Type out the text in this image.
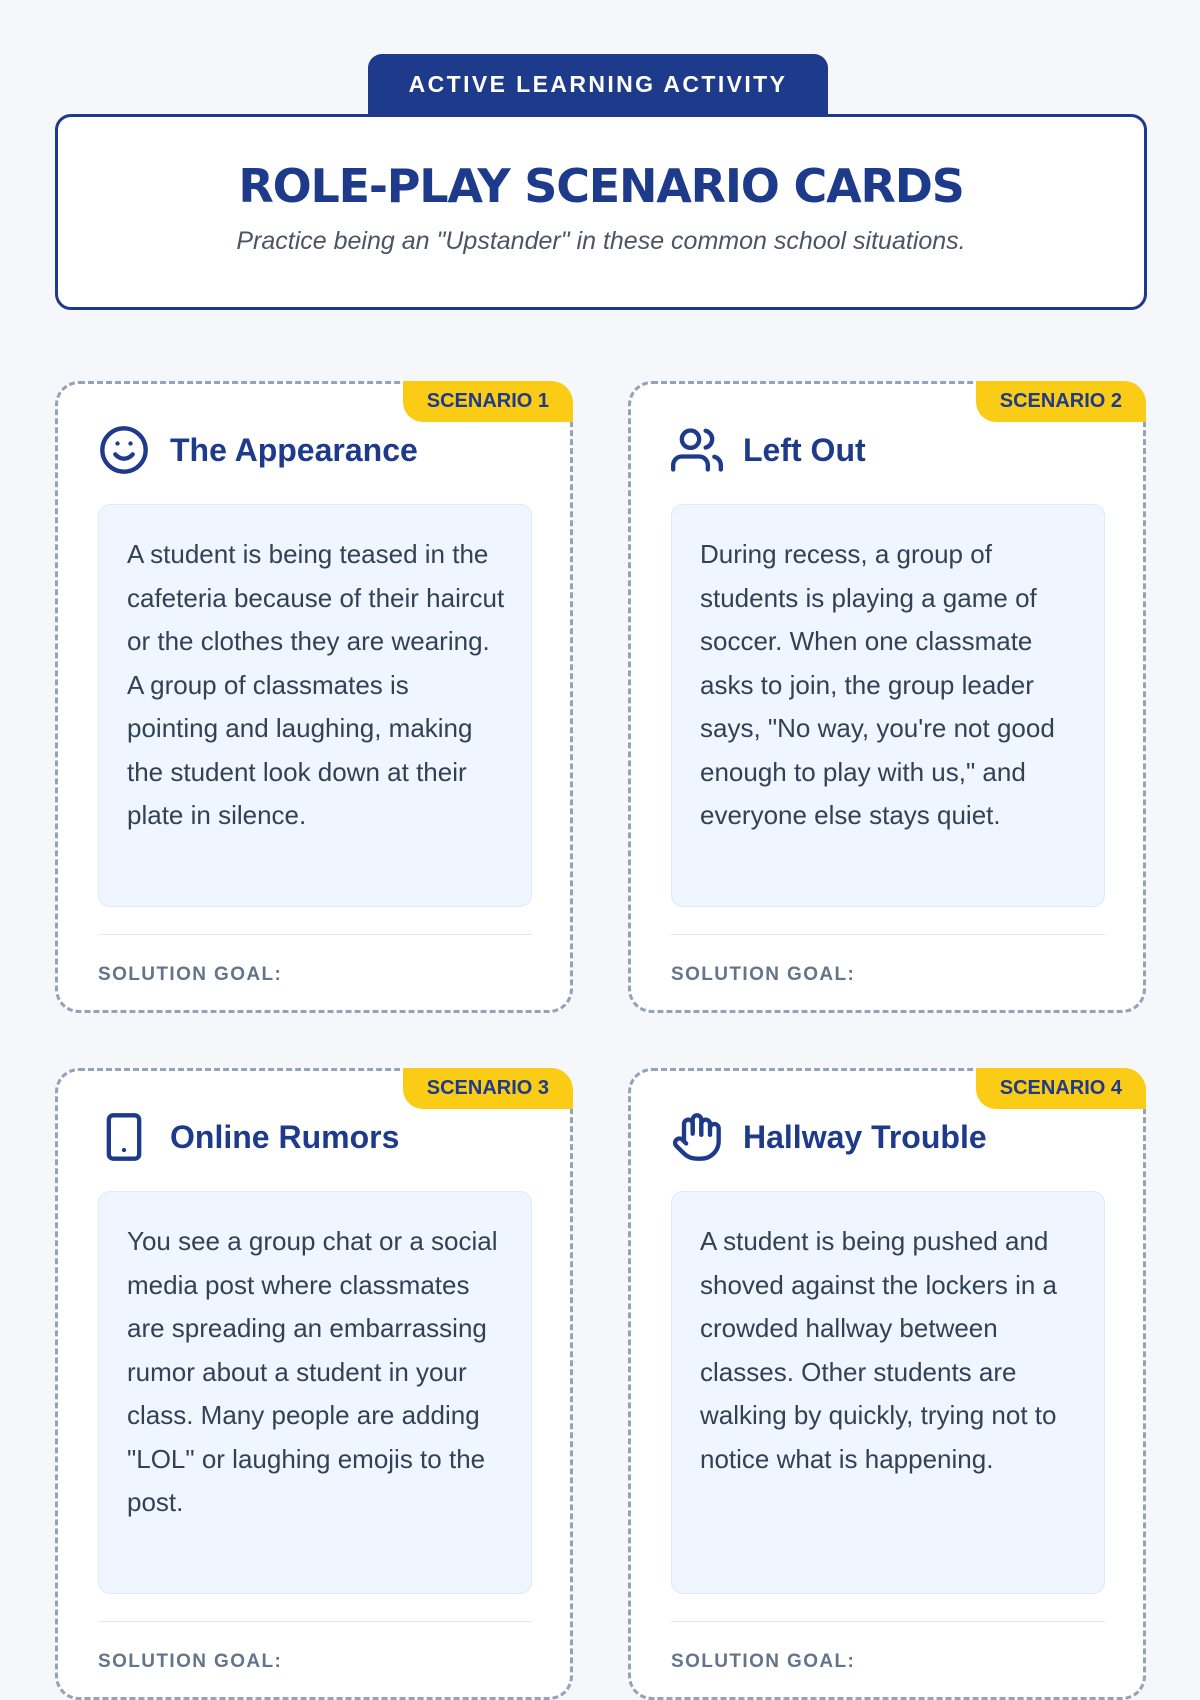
ACTIVE LEARNING ACTIVITY
ROLE-PLAY SCENARIO CARDS
Practice being an "Upstander" in these common school situations.
SCENARIO 1
The Appearance

A student is being teased in the cafeteria because of their haircut or the clothes they are wearing. A group of classmates is pointing and laughing, making the student look down at their plate in silence.

SOLUTION GOAL:
SCENARIO 2
Left Out

During recess, a group of students is playing a game of soccer. When one classmate asks to join, the group leader says, "No way, you're not good enough to play with us," and everyone else stays quiet.

SOLUTION GOAL:
SCENARIO 3
Online Rumors

You see a group chat or a social media post where classmates are spreading an embarrassing rumor about a student in your class. Many people are adding "LOL" or laughing emojis to the post.

SOLUTION GOAL:
SCENARIO 4
Hallway Trouble

A student is being pushed and shoved against the lockers in a crowded hallway between classes. Other students are walking by quickly, trying not to notice what is happening.

SOLUTION GOAL:
